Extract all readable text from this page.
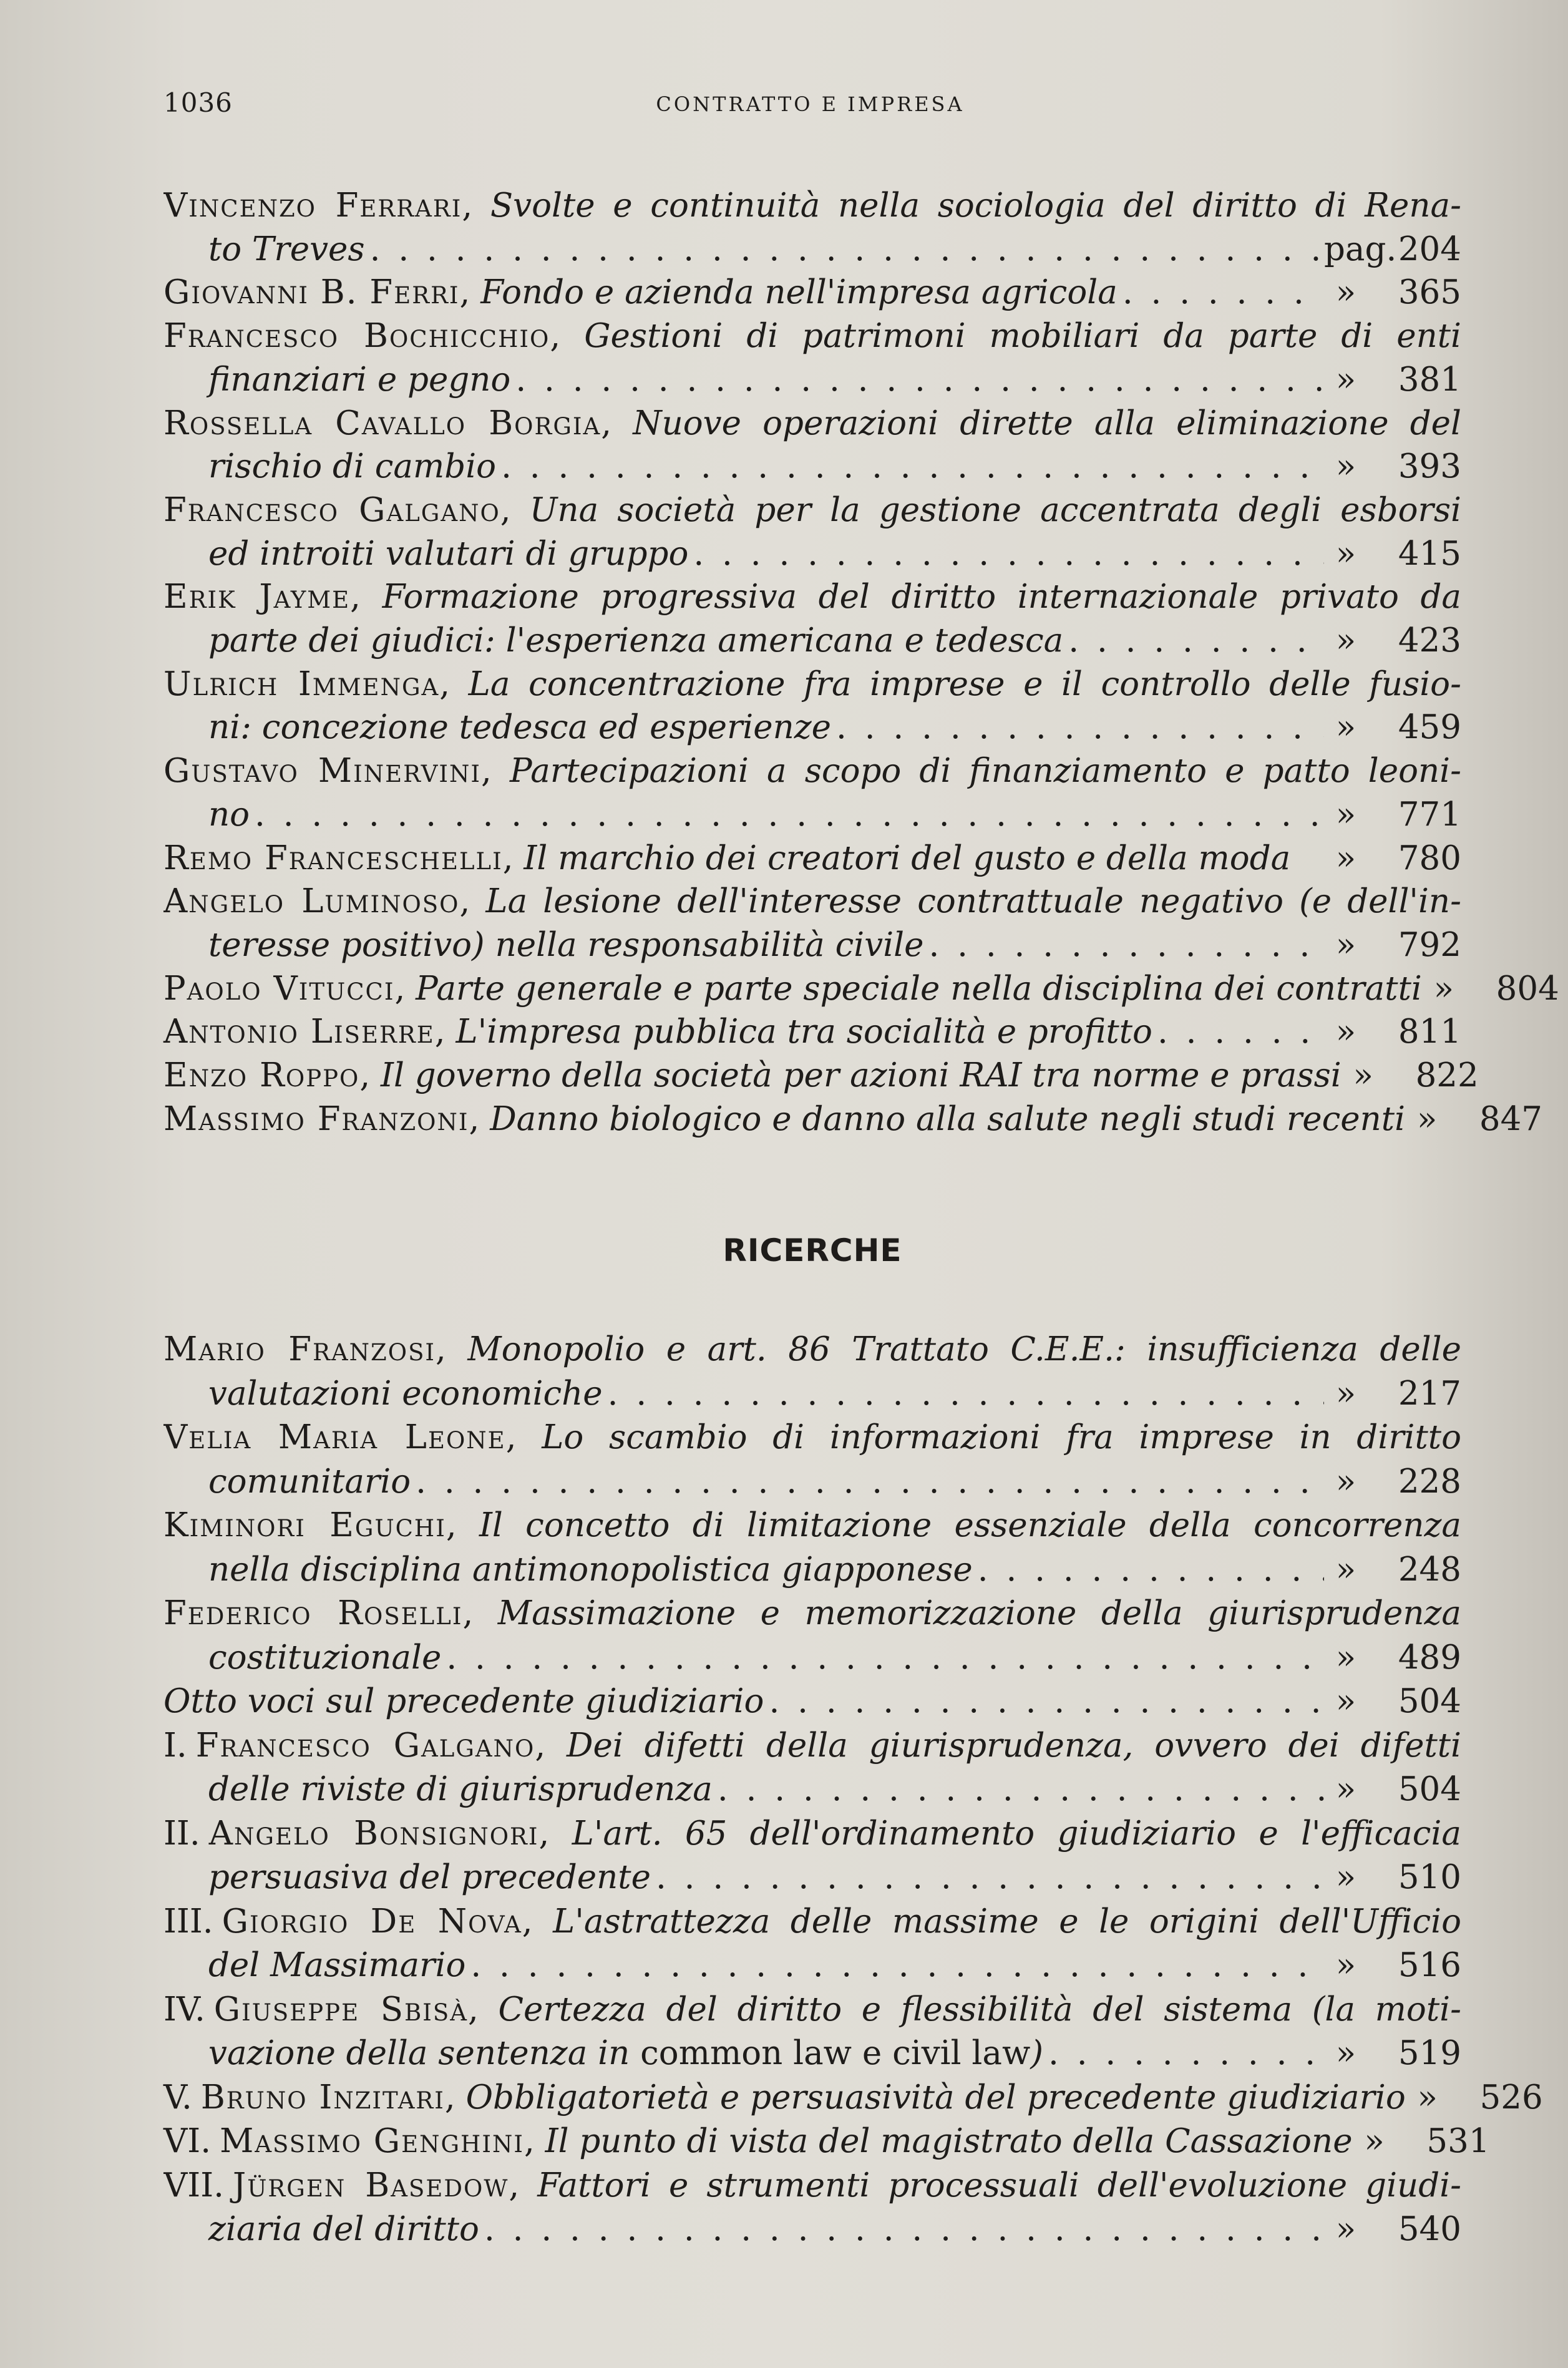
1036	CONTRATTO E IMPRESA
Vincenzo Ferrari, Svolte e continuità nella sociologia del diritto di Rena-
to Treves . . .	pag. 204
Giovanni B. Ferri, Fondo e azienda nell'impresa agricola . . .	»	365
Francesco Bochicchio, Gestioni di patrimoni mobiliari da parte di enti
finanziari e pegno . . .	»	381
Rossella Cavallo Borgia, Nuove operazioni dirette alla eliminazione del
rischio di cambio . . .	»	393
Francesco Galgano, Una società per la gestione accentrata degli esborsi
ed introiti valutari di gruppo . . .	»	415
Erik Jayme, Formazione progressiva del diritto internazionale privato da
parte dei giudici: l'esperienza americana e tedesca . . .	»	423
Ulrich Immenga, La concentrazione fra imprese e il controllo delle fusio-
ni: concezione tedesca ed esperienze . . .	»	459
Gustavo Minervini, Partecipazioni a scopo di finanziamento e patto leoni-
no . . .	»	771
Remo Franceschelli, Il marchio dei creatori del gusto e della moda	»	780
Angelo Luminoso, La lesione dell'interesse contrattuale negativo (e dell'in-
teresse positivo) nella responsabilità civile . . .	»	792
Paolo Vitucci, Parte generale e parte speciale nella disciplina dei contratti »	804
Antonio Liserre, L'impresa pubblica tra socialità e profitto . . .	»	811
Enzo Roppo, Il governo della società per azioni RAI tra norme e prassi »	822
Massimo Franzoni, Danno biologico e danno alla salute negli studi recenti »	847
RICERCHE
Mario Franzosi, Monopolio e art. 86 Trattato C.E.E.: insufficienza delle
valutazioni economiche . . .	»	217
Velia Maria Leone, Lo scambio di informazioni fra imprese in diritto
comunitario . . .	»	228
Kiminori Eguchi, Il concetto di limitazione essenziale della concorrenza
nella disciplina antimonopolistica giapponese . . .	»	248
Federico Roselli, Massimazione e memorizzazione della giurisprudenza
costituzionale . . .	»	489
Otto voci sul precedente giudiziario . . .	»	504
I. Francesco Galgano, Dei difetti della giurisprudenza, ovvero dei difetti
delle riviste di giurisprudenza . . .	»	504
II. Angelo Bonsignori, L'art. 65 dell'ordinamento giudiziario e l'efficacia
persuasiva del precedente . . .	»	510
III. Giorgio De Nova, L'astrattezza delle massime e le origini dell'Ufficio
del Massimario . . .	»	516
IV. Giuseppe Sbisà, Certezza del diritto e flessibilità del sistema (la moti-
vazione della sentenza in common law e civil law) . . .	»	519
V. Bruno Inzitari, Obbligatorietà e persuasività del precedente giudiziario »	526
VI. Massimo Genghini, Il punto di vista del magistrato della Cassazione »	531
VII. Jürgen Basedow, Fattori e strumenti processuali dell'evoluzione giudi-
ziaria del diritto . . .	»	540
